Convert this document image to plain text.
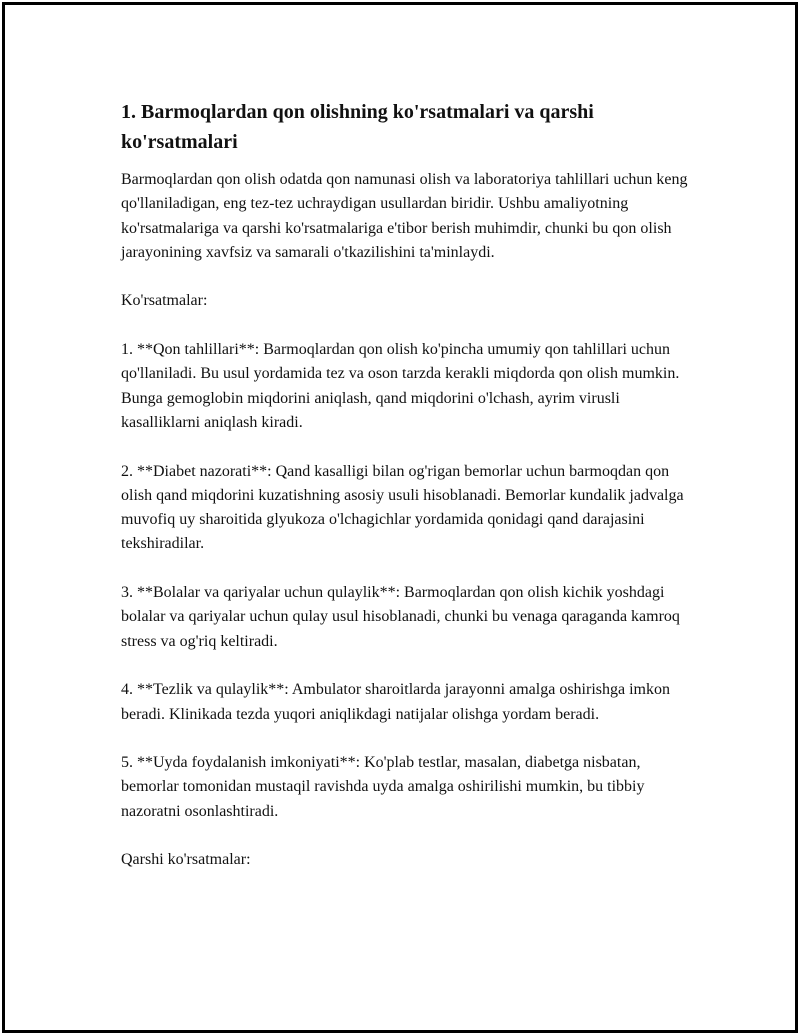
1. Barmoqlardan qon olishning ko'rsatmalari va qarshi ko'rsatmalari

Barmoqlardan qon olish odatda qon namunasi olish va laboratoriya tahlillari uchun keng qo'llaniladigan, eng tez-tez uchraydigan usullardan biridir. Ushbu amaliyotning ko'rsatmalariga va qarshi ko'rsatmalariga e'tibor berish muhimdir, chunki bu qon olish jarayonining xavfsiz va samarali o'tkazilishini ta'minlaydi.

Ko'rsatmalar:

1. **Qon tahlillari**: Barmoqlardan qon olish ko'pincha umumiy qon tahlillari uchun qo'llaniladi. Bu usul yordamida tez va oson tarzda kerakli miqdorda qon olish mumkin. Bunga gemoglobin miqdorini aniqlash, qand miqdorini o'lchash, ayrim virusli kasalliklarni aniqlash kiradi.

2. **Diabet nazorati**: Qand kasalligi bilan og'rigan bemorlar uchun barmoqdan qon olish qand miqdorini kuzatishning asosiy usuli hisoblanadi. Bemorlar kundalik jadvalga muvofiq uy sharoitida glyukoza o'lchagichlar yordamida qonidagi qand darajasini tekshiradilar.

3. **Bolalar va qariyalar uchun qulaylik**: Barmoqlardan qon olish kichik yoshdagi bolalar va qariyalar uchun qulay usul hisoblanadi, chunki bu venaga qaraganda kamroq stress va og'riq keltiradi.

4. **Tezlik va qulaylik**: Ambulator sharoitlarda jarayonni amalga oshirishga imkon beradi. Klinikada tezda yuqori aniqlikdagi natijalar olishga yordam beradi.

5. **Uyda foydalanish imkoniyati**: Ko'plab testlar, masalan, diabetga nisbatan, bemorlar tomonidan mustaqil ravishda uyda amalga oshirilishi mumkin, bu tibbiy nazoratni osonlashtiradi.

Qarshi ko'rsatmalar:
